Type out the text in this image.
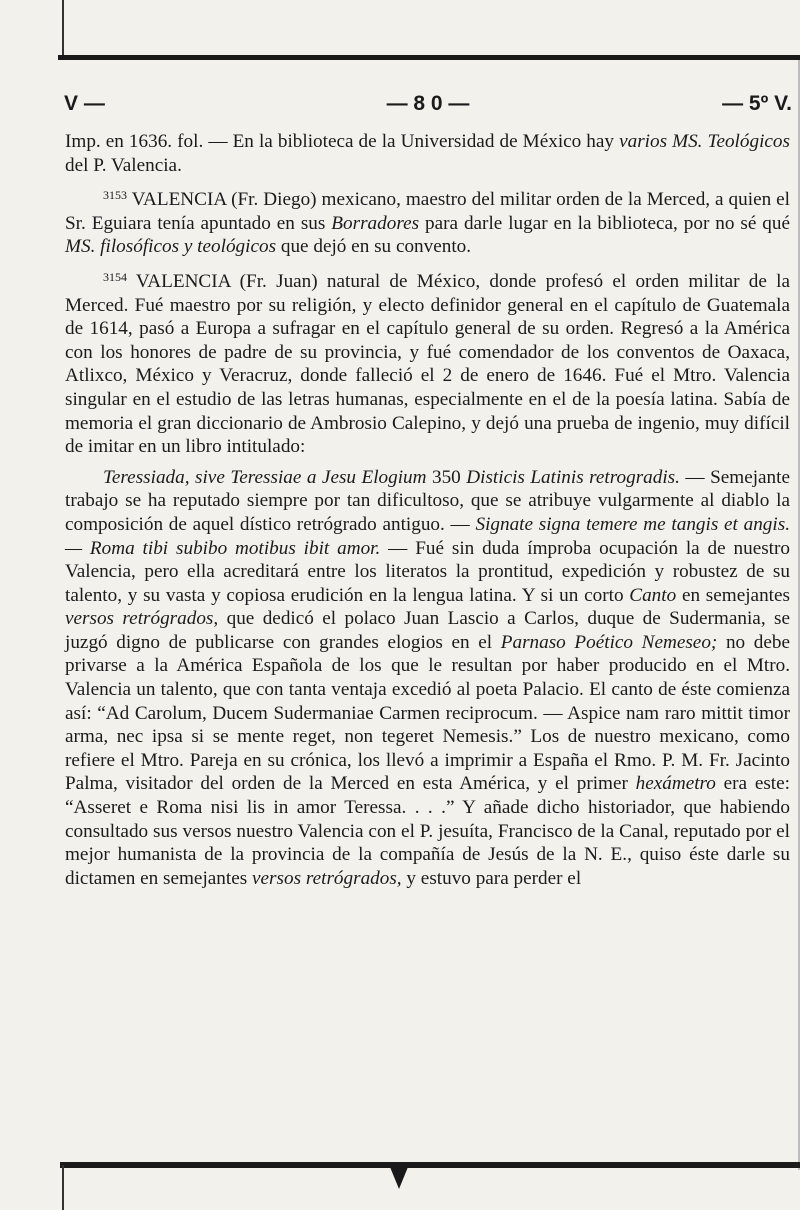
V —	— 8 0 —	— 5º V.

Imp. en 1636. fol. — En la biblioteca de la Universidad de México hay varios MS. Teológicos del P. Valencia.

$^{3153}$ VALENCIA (Fr. Diego) mexicano, maestro del militar orden de la Merced, a quien el Sr. Eguiara tenía apuntado en sus Borradores para darle lugar en la biblioteca, por no sé qué MS. filosóficos y teológicos que dejó en su convento.

$^{3154}$ VALENCIA (Fr. Juan) natural de México, donde profesó el orden militar de la Merced. Fué maestro por su religión, y electo definidor general en el capítulo de Guatemala de 1614, pasó a Europa a sufragar en el capítulo general de su orden. Regresó a la América con los honores de padre de su provincia, y fué comendador de los conventos de Oaxaca, Atlixco, México y Veracruz, donde falleció el 2 de enero de 1646. Fué el Mtro. Valencia singular en el estudio de las letras humanas, especialmente en el de la poesía latina. Sabía de memoria el gran diccionario de Ambrosio Calepino, y dejó una prueba de ingenio, muy difícil de imitar en un libro intitulado:

Teressiada, sive Teressiae a Jesu Elogium 350 Disticis Latinis retrogradis. — Semejante trabajo se ha reputado siempre por tan dificultoso, que se atribuye vulgarmente al diablo la composición de aquel dístico retrógrado antiguo. — Signate signa temere me tangis et angis. — Roma tibi subibo motibus ibit amor. — Fué sin duda ímproba ocupación la de nuestro Valencia, pero ella acreditará entre los literatos la prontitud, expedición y robustez de su talento, y su vasta y copiosa erudición en la lengua latina. Y si un corto Canto en semejantes versos retrógrados, que dedicó el polaco Juan Lascio a Carlos, duque de Sudermania, se juzgó digno de publicarse con grandes elogios en el Parnaso Poético Nemeseo; no debe privarse a la América Española de los que le resultan por haber producido en el Mtro. Valencia un talento, que con tanta ventaja excedió al poeta Palacio. El canto de éste comienza así: “Ad Carolum, Ducem Sudermaniae Carmen reciprocum. — Aspice nam raro mittit timor arma, nec ipsa si se mente reget, non tegeret Nemesis.” Los de nuestro mexicano, como refiere el Mtro. Pareja en su crónica, los llevó a imprimir a España el Rmo. P. M. Fr. Jacinto Palma, visitador del orden de la Merced en esta América, y el primer hexámetro era este: “Asseret e Roma nisi lis in amor Teressa. . . .” Y añade dicho historiador, que habiendo consultado sus versos nuestro Valencia con el P. jesuíta, Francisco de la Canal, reputado por el mejor humanista de la provincia de la compañía de Jesús de la N. E., quiso éste darle su dictamen en semejantes versos retrógrados, y estuvo para perder el
